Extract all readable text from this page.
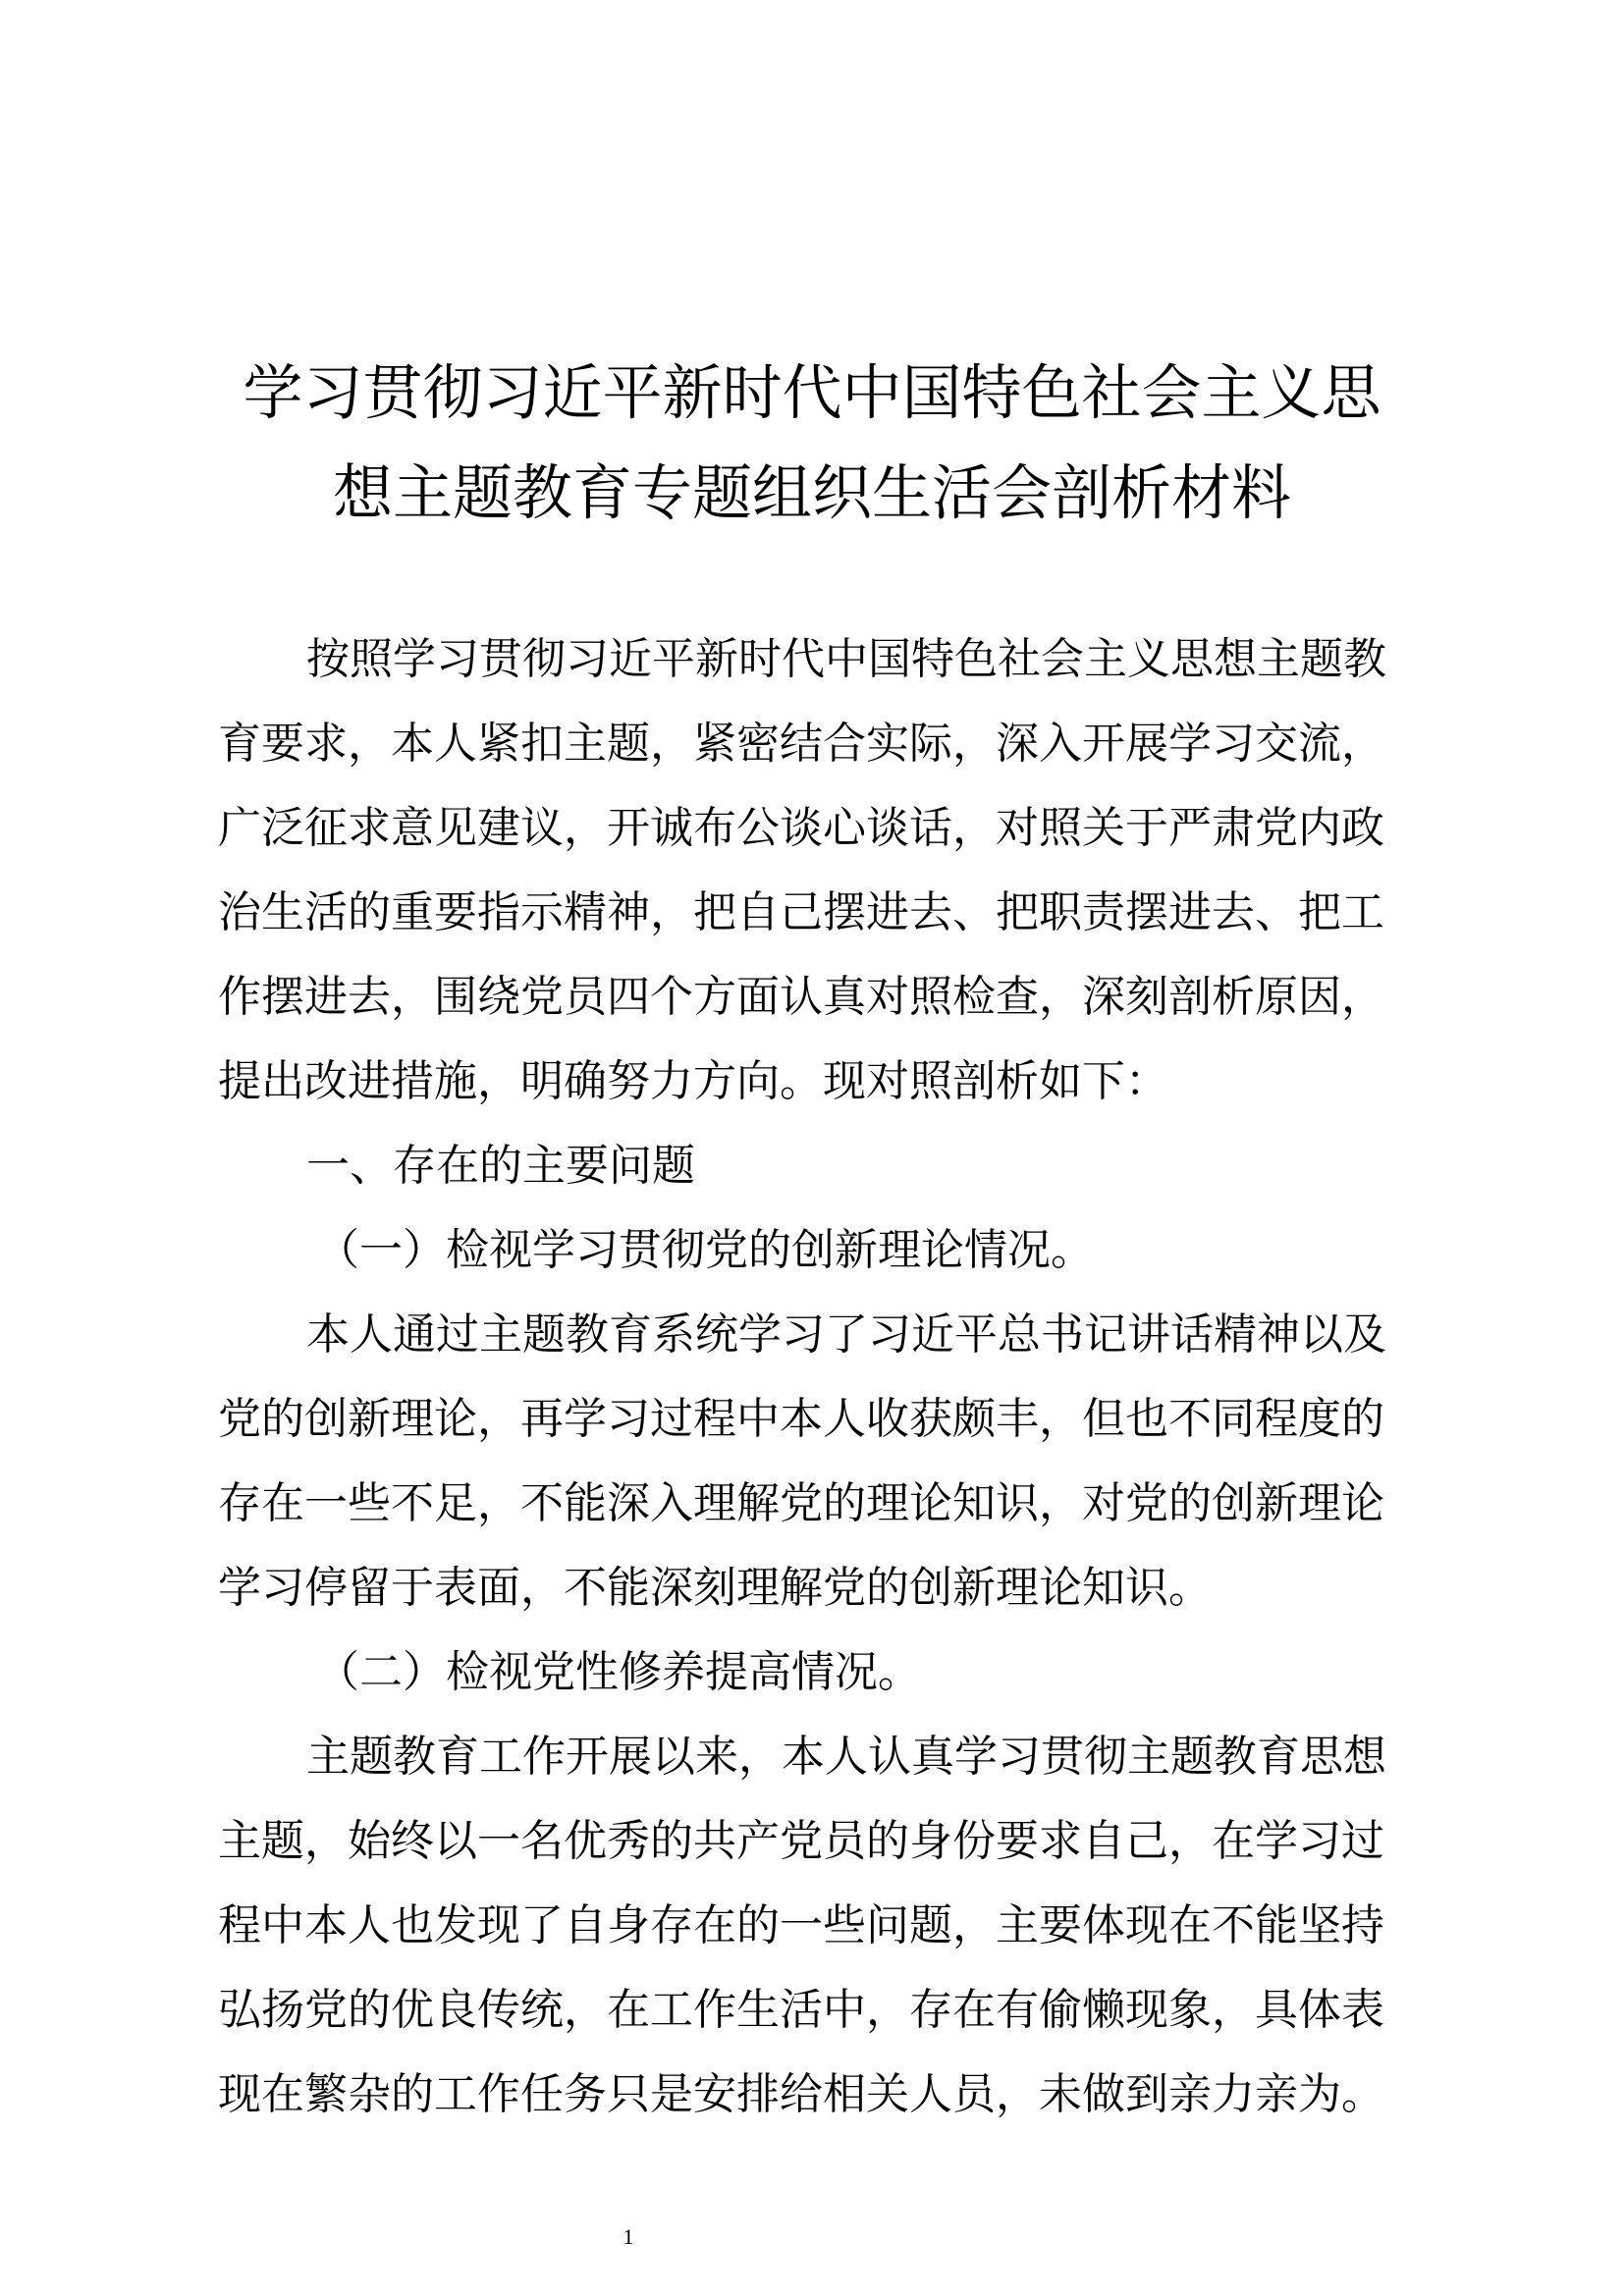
学习贯彻习近平新时代中国特色社会主义思
想主题教育专题组织生活会剖析材料
按照学习贯彻习近平新时代中国特色社会主义思想主题教
育要求，本人紧扣主题，紧密结合实际，深入开展学习交流，
广泛征求意见建议，开诚布公谈心谈话，对照关于严肃党内政
治生活的重要指示精神，把自己摆进去、把职责摆进去、把工
作摆进去，围绕党员四个方面认真对照检查，深刻剖析原因，
提出改进措施，明确努力方向。现对照剖析如下：
一、存在的主要问题
（一）检视学习贯彻党的创新理论情况。
本人通过主题教育系统学习了习近平总书记讲话精神以及
党的创新理论，再学习过程中本人收获颇丰，但也不同程度的
存在一些不足，不能深入理解党的理论知识，对党的创新理论
学习停留于表面，不能深刻理解党的创新理论知识。
（二）检视党性修养提高情况。
主题教育工作开展以来，本人认真学习贯彻主题教育思想
主题，始终以一名优秀的共产党员的身份要求自己，在学习过
程中本人也发现了自身存在的一些问题，主要体现在不能坚持
弘扬党的优良传统，在工作生活中，存在有偷懒现象，具体表
现在繁杂的工作任务只是安排给相关人员，未做到亲力亲为。
1
